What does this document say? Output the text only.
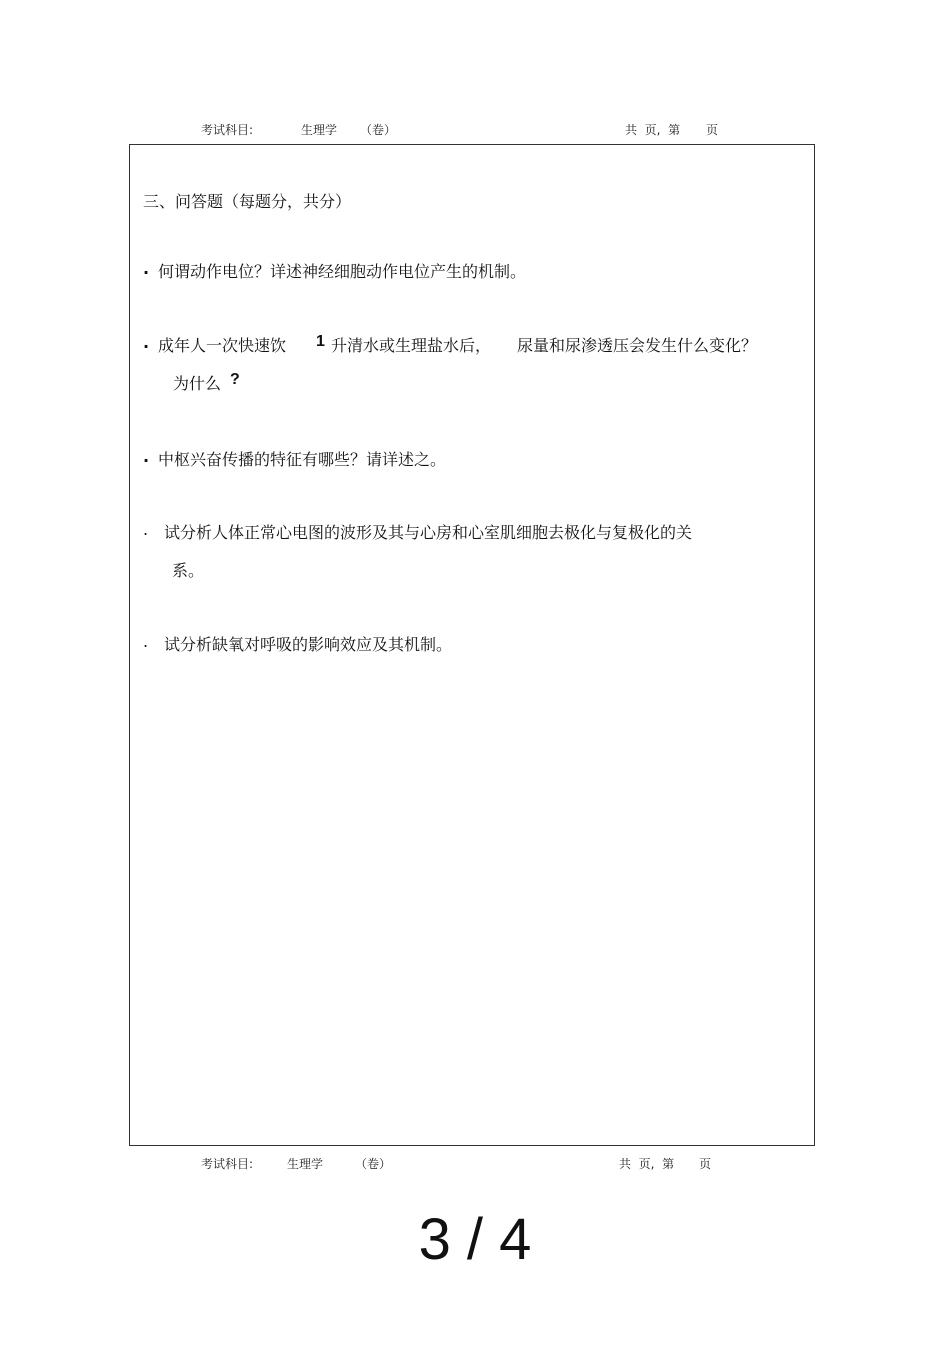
考试科目:	生理学 （卷）	共  页,  第 页
三、问答题（每题分，共分）
. 何谓动作电位？详述神经细胞动作电位产生的机制。
. 成年人一次快速饮 1 升清水或生理盐水后， 尿量和尿渗透压会发生什么变化？
为什么 ?
. 中枢兴奋传播的特征有哪些？请详述之。
. 试分析人体正常心电图的波形及其与心房和心室肌细胞去极化与复极化的关
系。
. 试分析缺氧对呼吸的影响效应及其机制。
考试科目:	生理学	（卷）	共  页,  第 页
3 / 4
